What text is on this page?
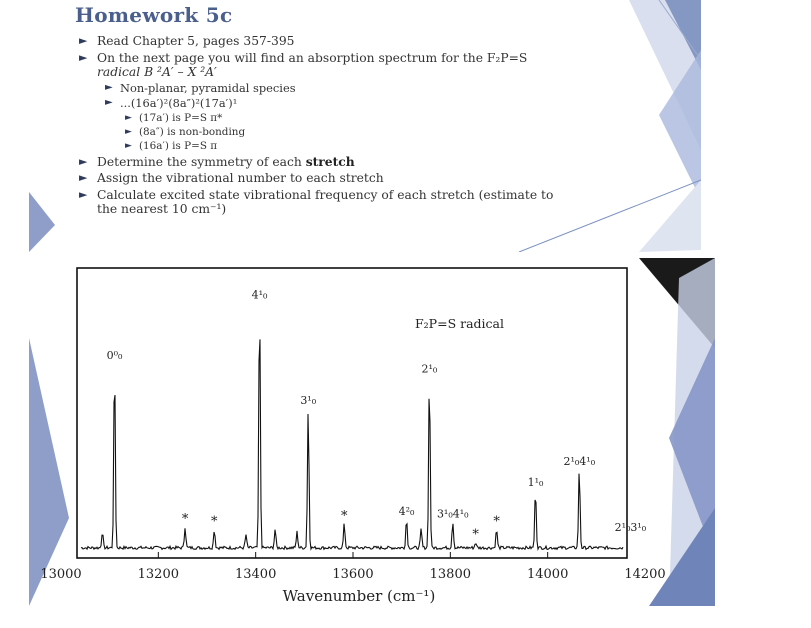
Homework 5c
► Read Chapter 5, pages 357-395
► On the next page you will find an absorption spectrum for the F₂P=S
radical B ²A′ – X ²A′
► Non-planar, pyramidal species
► ...(16a′)²(8a″)²(17a′)¹
► (17a′) is P=S π*
► (8a″) is non-bonding
► (16a′) is P=S π
► Determine the symmetry of each stretch
► Assign the vibrational number to each stretch
► Calculate excited state vibrational frequency of each stretch (estimate to
the nearest 10 cm⁻¹)
13000	13200	13400	13600	13800	14000	14200
0⁰₀
* *
4¹₀
3¹₀
*	4²₀
2¹₀
3¹₀4¹₀
*
*
1¹₀
2¹₀4¹₀
2¹₀3¹₀
F₂P=S radical
Wavenumber (cm⁻¹)
